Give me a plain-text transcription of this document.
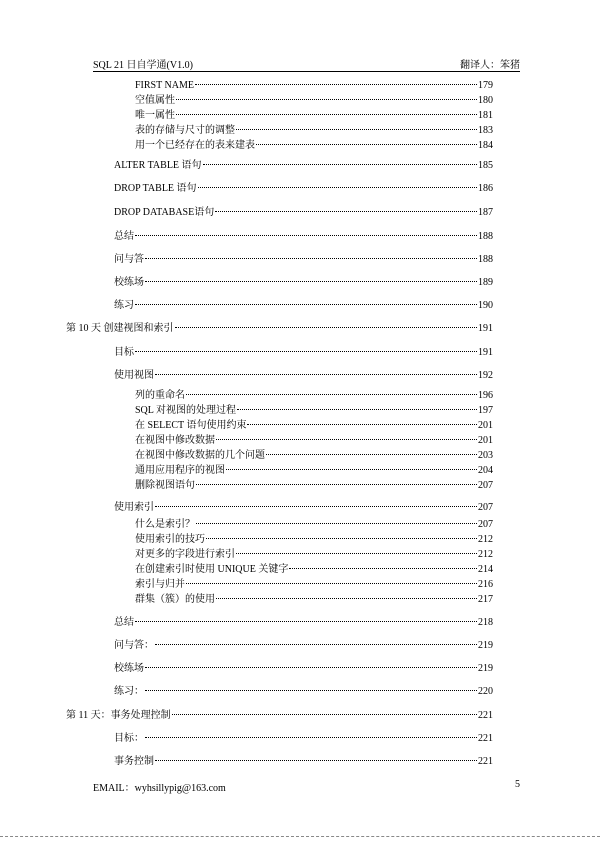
SQL 21 日自学通(V1.0)	翻译人：笨猪
FIRST NAME	179
空值属性	180
唯一属性	181
表的存储与尺寸的调整	183
用一个已经存在的表来建表	184
ALTER TABLE 语句	185
DROP TABLE 语句	186
DROP DATABASE语句	187
总结	188
问与答	188
校练场	189
练习	190
第 10 天 创建视图和索引	191
目标	191
使用视图	192
列的重命名	196
SQL 对视图的处理过程	197
在 SELECT 语句使用约束	201
在视图中修改数据	201
在视图中修改数据的几个问题	203
通用应用程序的视图	204
删除视图语句	207
使用索引	207
什么是索引？	207
使用索引的技巧	212
对更多的字段进行索引	212
在创建索引时使用 UNIQUE 关键字	214
索引与归并	216
群集（簇）的使用	217
总结	218
问与答：	219
校练场	219
练习：	220
第 11 天：事务处理控制	221
目标：	221
事务控制	221
EMAIL：wyhsillypig@163.com	5
